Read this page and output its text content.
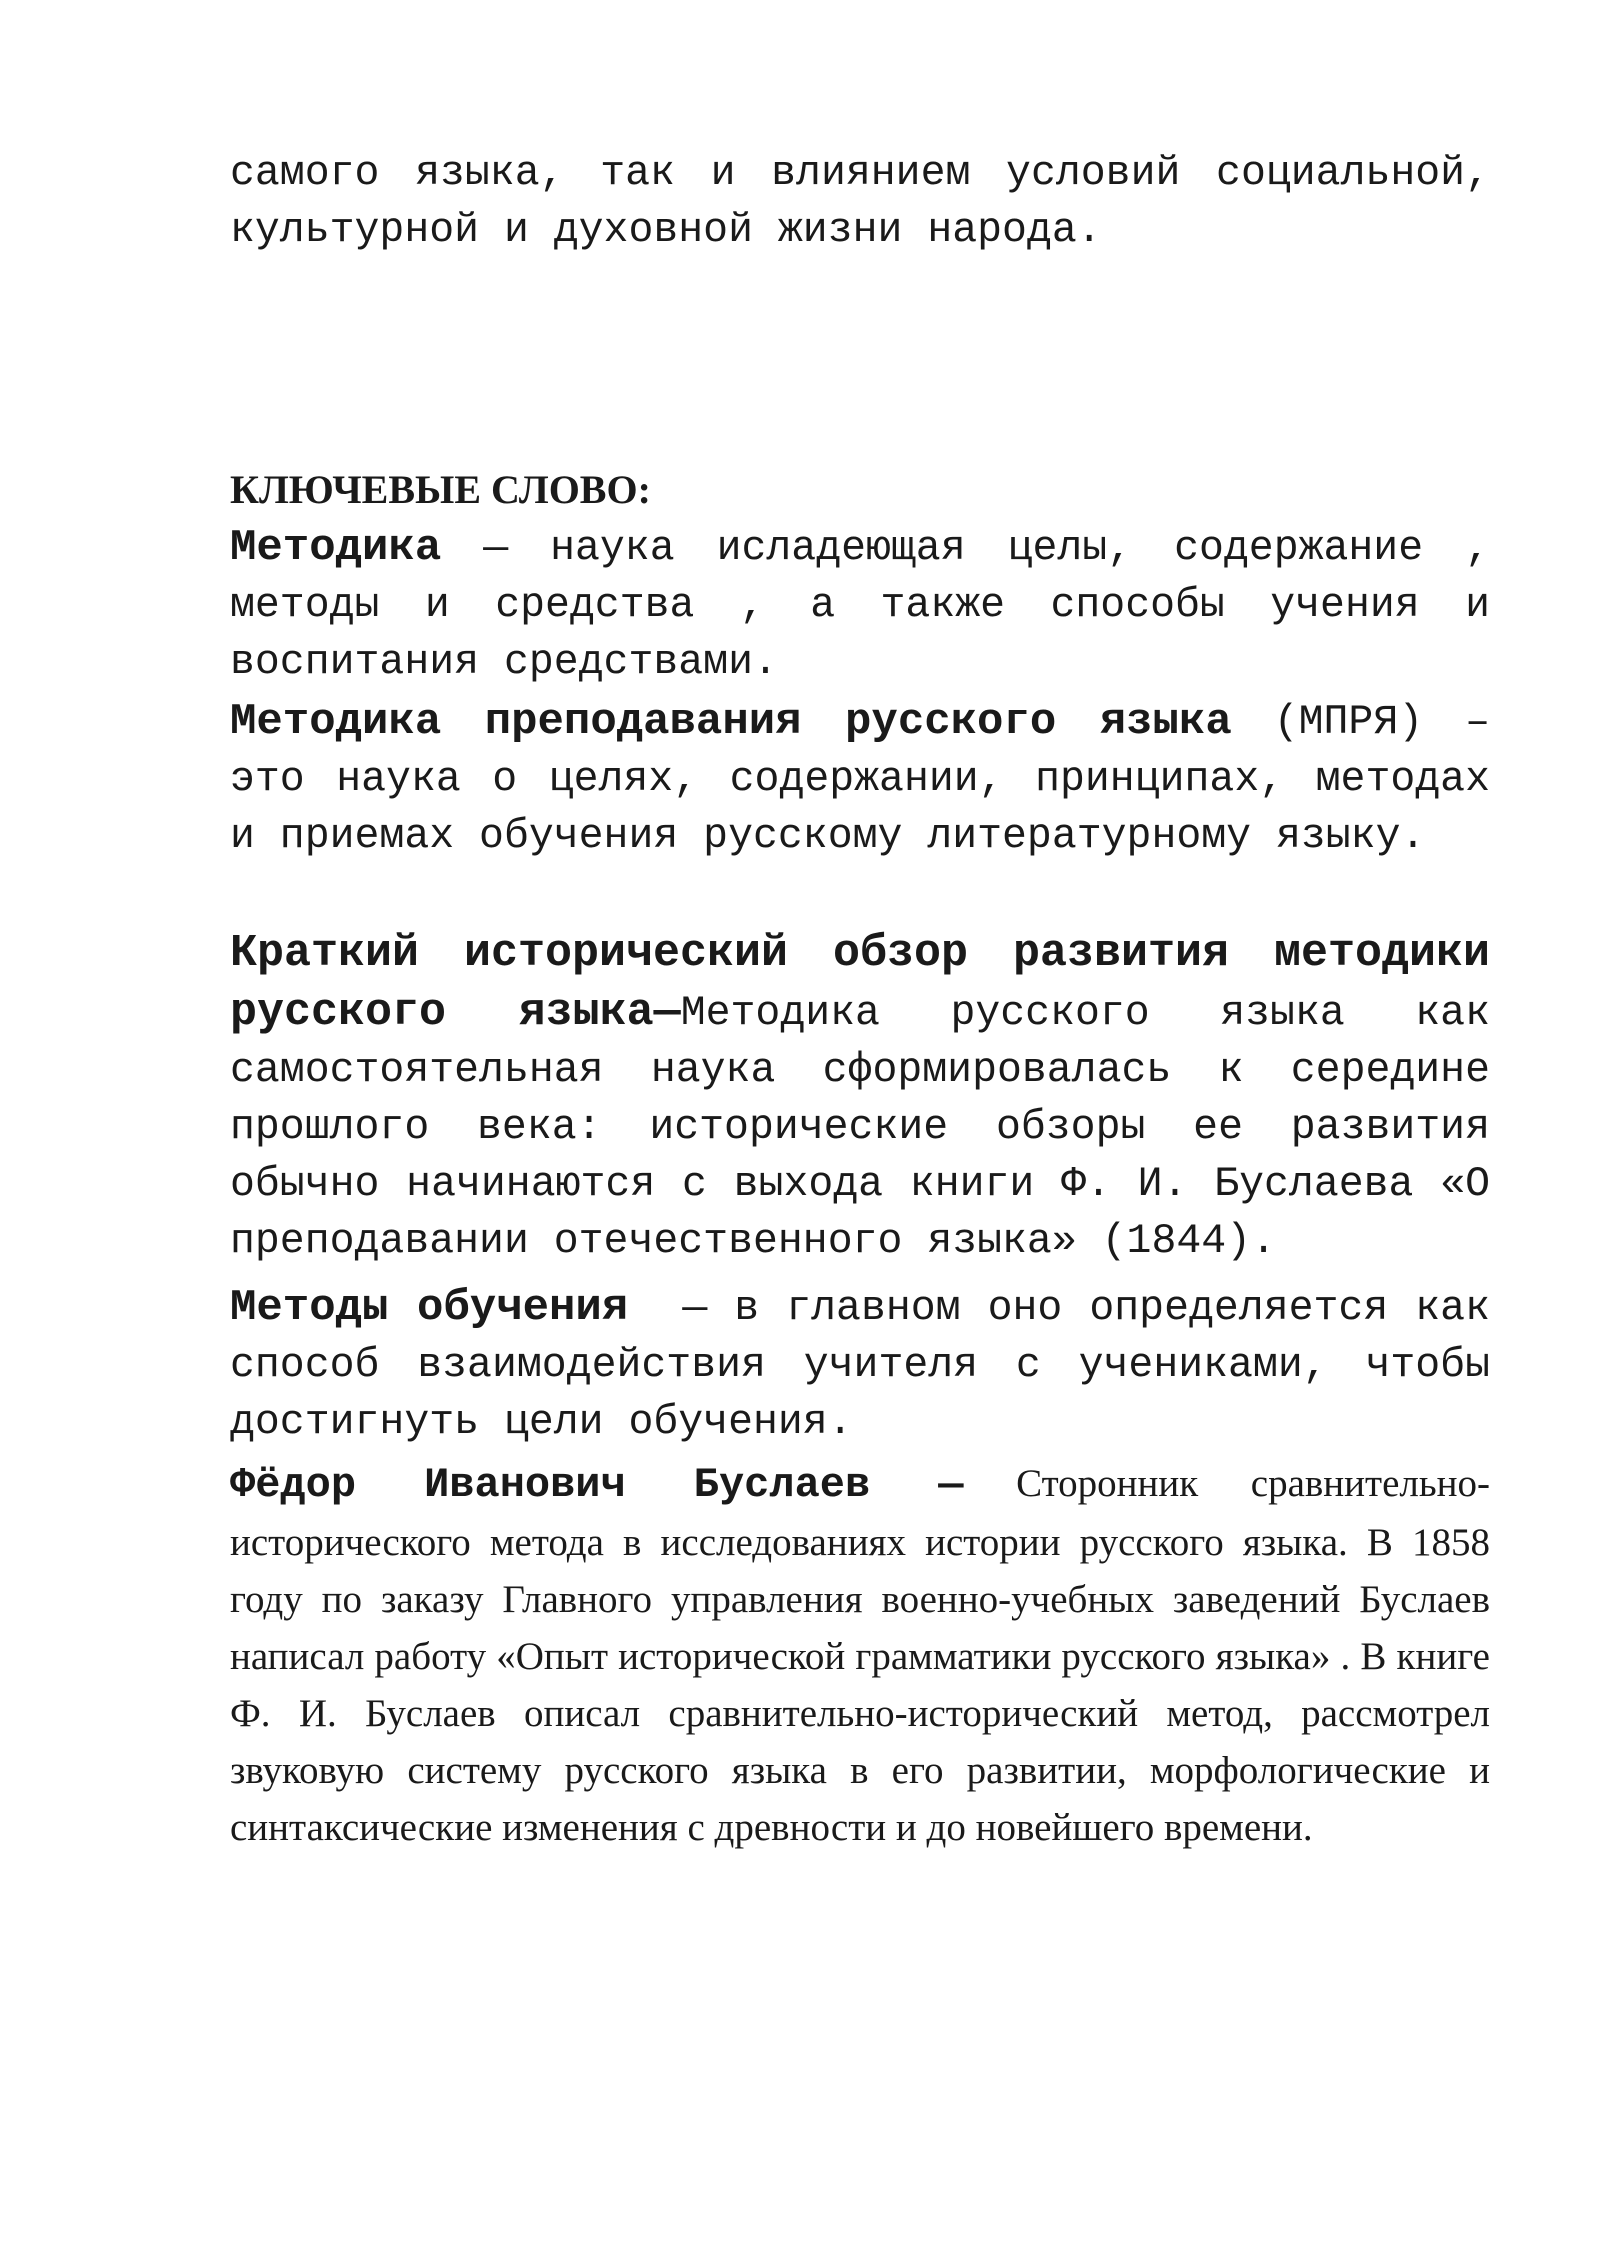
самого языка, так и влиянием условий социальной, культурной и духовной жизни народа.

КЛЮЧЕВЫЕ СЛОВО:

Методика — наука исладеющая целы, содержание , методы и средства , а также способы учения и воспитания средствами.

Методика преподавания русского языка (МПРЯ) – это наука о целях, содержании, принципах, методах и приемах обучения русскому литературному языку.

Краткий исторический обзор развития методики

русского языка—Методика русского языка как самостоятельная наука сформировалась к середине прошлого века: исторические обзоры ее развития обычно начинаются с выхода книги Ф. И. Буслаева «О преподавании отечественного языка» (1844).

Методы обучения  — в главном оно определяется как способ взаимодействия учителя с учениками, чтобы достигнуть цели обучения.

Фёдор Иванович Буслаев — Сторонник сравнительно-исторического метода в исследованиях истории русского языка. В 1858 году по заказу Главного управления военно-учебных заведений Буслаев написал работу «Опыт исторической грамматики русского языка» . В книге Ф. И. Буслаев описал сравнительно-исторический метод, рассмотрел звуковую систему русского языка в его развитии, морфологические и синтаксические изменения с древности и до новейшего времени.
